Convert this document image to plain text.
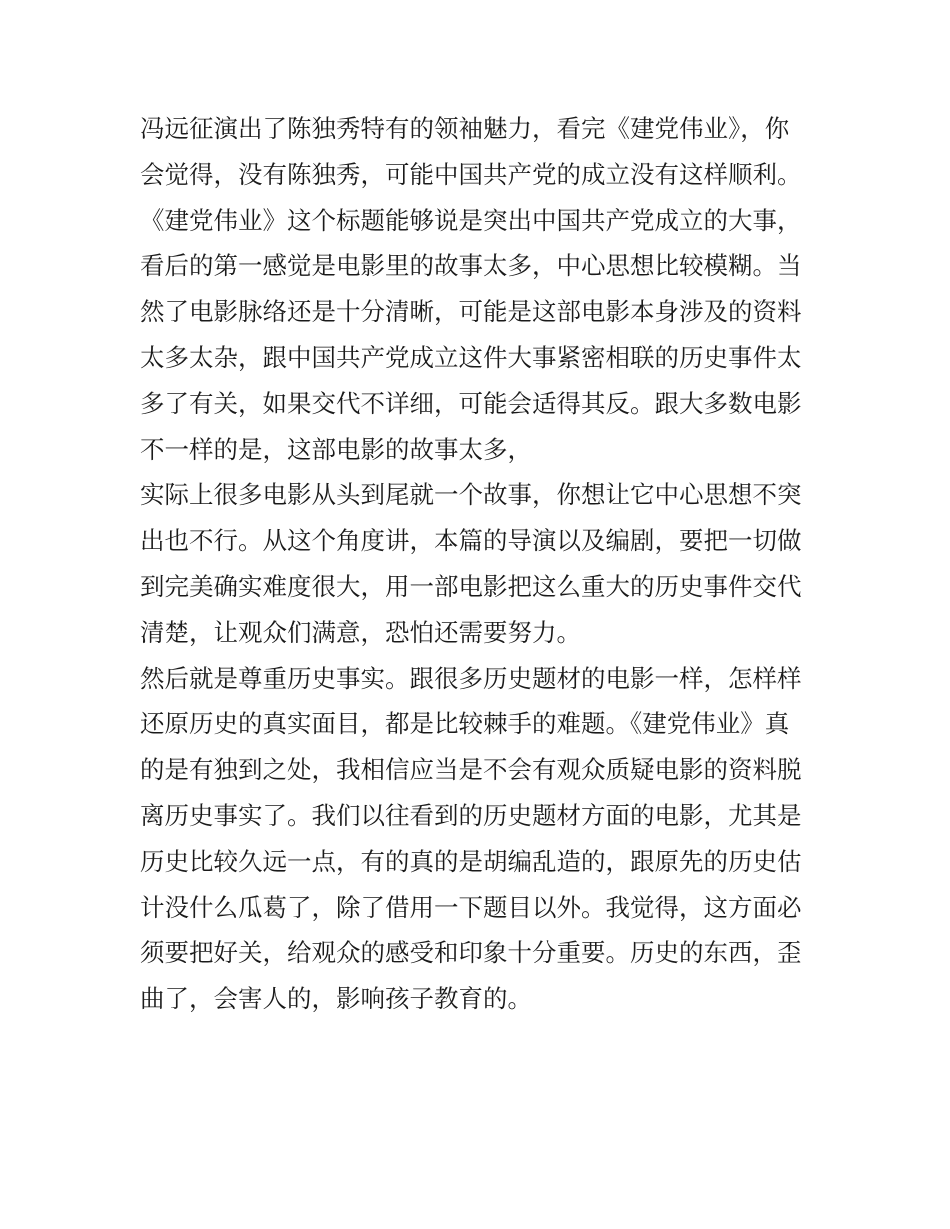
冯远征演出了陈独秀特有的领袖魅力，看完《建党伟业》，你
会觉得，没有陈独秀，可能中国共产党的成立没有这样顺利。
《建党伟业》这个标题能够说是突出中国共产党成立的大事，
看后的第一感觉是电影里的故事太多，中心思想比较模糊。当
然了电影脉络还是十分清晰，可能是这部电影本身涉及的资料
太多太杂，跟中国共产党成立这件大事紧密相联的历史事件太
多了有关，如果交代不详细，可能会适得其反。跟大多数电影
不一样的是，这部电影的故事太多，
实际上很多电影从头到尾就一个故事，你想让它中心思想不突
出也不行。从这个角度讲，本篇的导演以及编剧，要把一切做
到完美确实难度很大，用一部电影把这么重大的历史事件交代
清楚，让观众们满意，恐怕还需要努力。
然后就是尊重历史事实。跟很多历史题材的电影一样，怎样样
还原历史的真实面目，都是比较棘手的难题。《建党伟业》真
的是有独到之处，我相信应当是不会有观众质疑电影的资料脱
离历史事实了。我们以往看到的历史题材方面的电影，尤其是
历史比较久远一点，有的真的是胡编乱造的，跟原先的历史估
计没什么瓜葛了，除了借用一下题目以外。我觉得，这方面必
须要把好关，给观众的感受和印象十分重要。历史的东西，歪
曲了，会害人的，影响孩子教育的。
